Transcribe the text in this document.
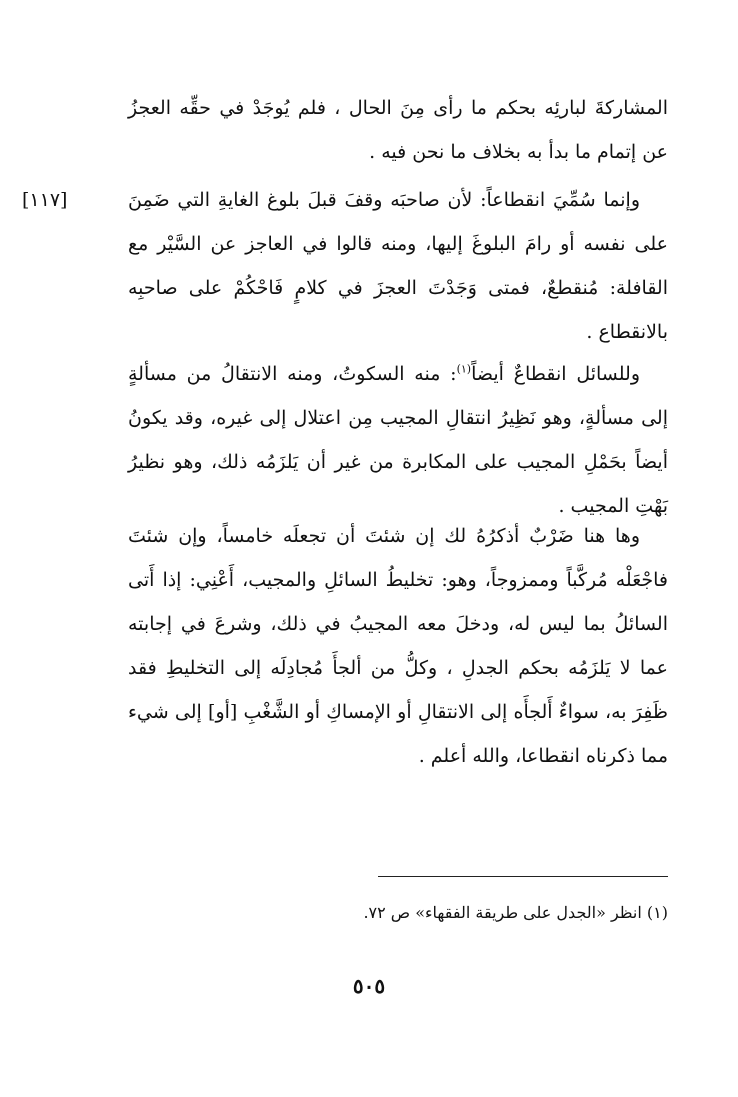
المشاركةَ لبارئِه بحكم ما رأى مِنَ الحال ، فلم يُوجَدْ في حقِّه العجزُ عن إتمام ما بدأ به بخلاف ما نحن فيه .
[١١٧]	وإنما سُمِّيَ انقطاعاً: لأن صاحبَه وقفَ قبلَ بلوغ الغايةِ التي ضَمِنَ على نفسه أو رامَ البلوغَ إليها، ومنه قالوا في العاجز عن السَّيْر مع القافلة: مُنقطعٌ، فمتى وَجَدْتَ العجزَ في كلامٍ فَاحْكُمْ على صاحبِه بالانقطاع .
وللسائل انقطاعٌ أيضاً$^{(١)}$: منه السكوتُ، ومنه الانتقالُ من مسألةٍ إلى مسألةٍ، وهو نَظِيرُ انتقالِ المجيب مِن اعتلال إلى غيره، وقد يكونُ أيضاً بحَمْلِ المجيب على المكابرة من غير أن يَلزَمُه ذلك، وهو نظيرُ بَهْتِ المجيب .
وها هنا ضَرْبٌ أذكرُهُ لك إن شئتَ أن تجعلَه خامساً، وإن شئتَ فاجْعَلْه مُركَّباً وممزوجاً، وهو: تخليطُ السائلِ والمجيب، أَعْنِي: إذا أَتى السائلُ بما ليس له، ودخلَ معه المجيبُ في ذلك، وشرعَ في إجابته عما لا يَلزَمُه بحكم الجدلِ ، وكلُّ من ألجأَ مُجادِلَه إلى التخليطِ فقد ظَفِرَ به، سواءٌ أَلجأَه إلى الانتقالِ أو الإمساكِ أو الشَّغْبِ [أو] إلى شيء مما ذكرناه انقطاعا، والله أعلم .
(١) انظر «الجدل على طريقة الفقهاء» ص ٧٢.
٥٠٥
